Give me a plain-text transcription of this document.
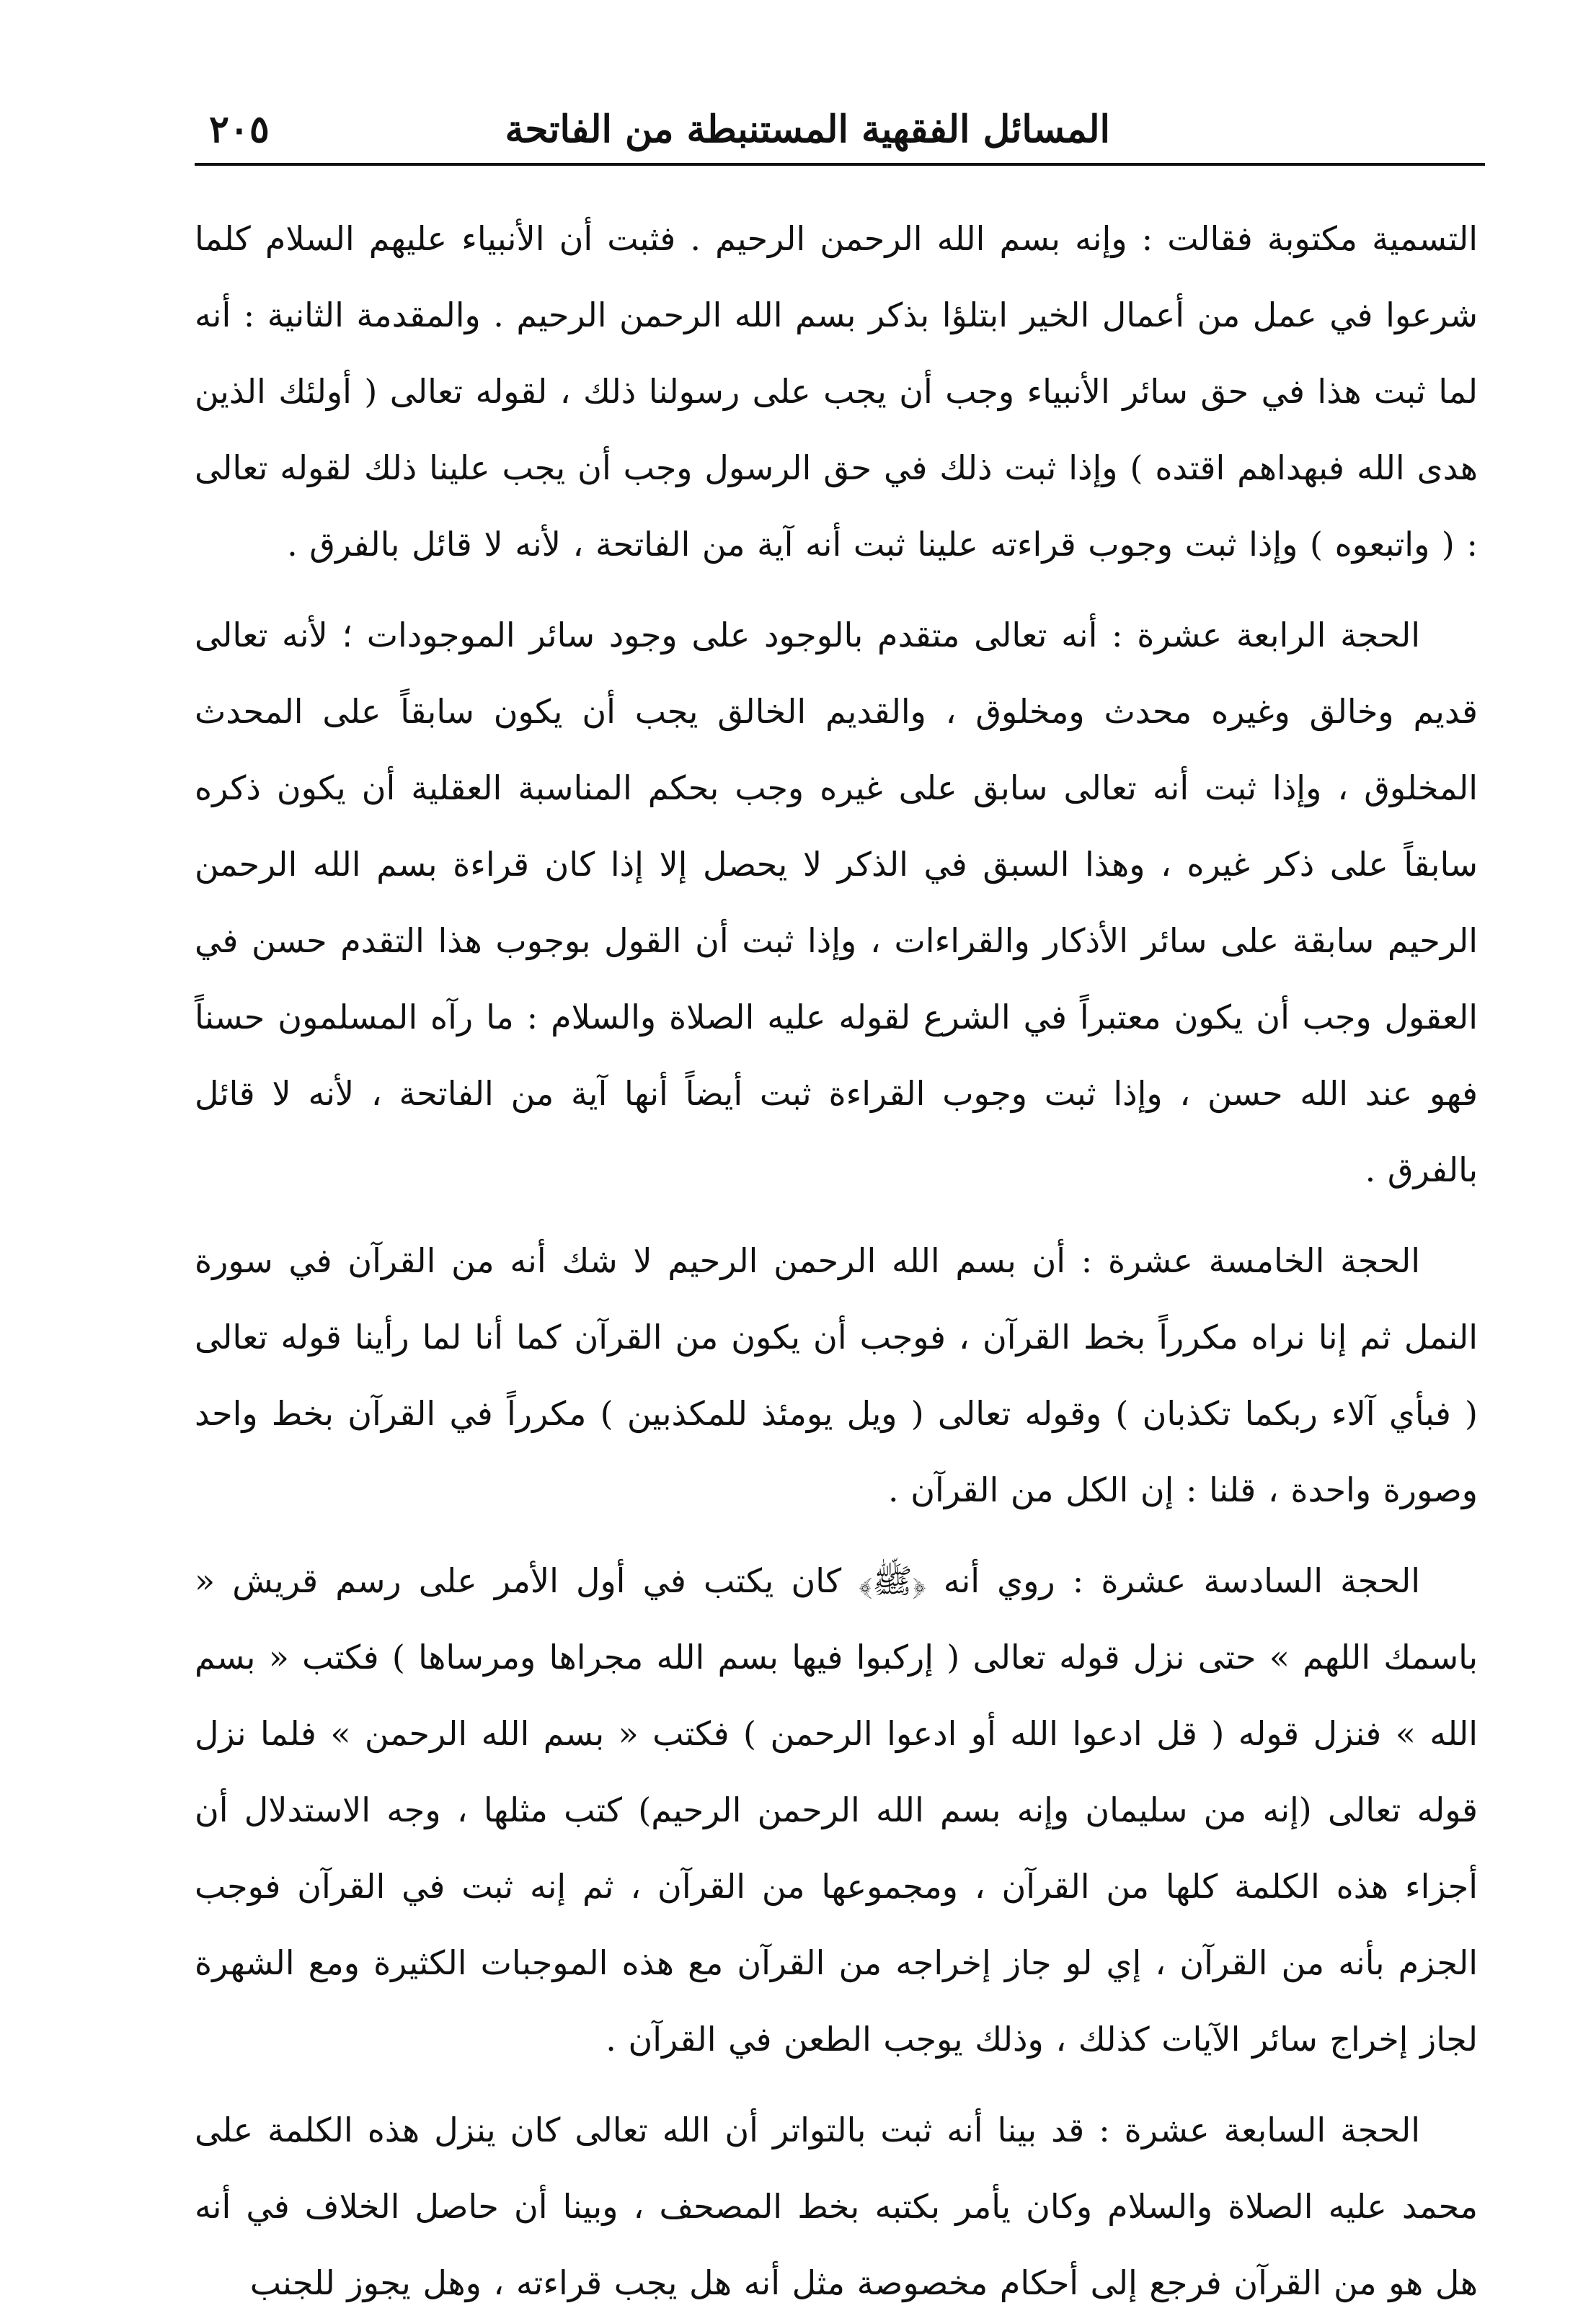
المسائل الفقهية المستنبطة من الفاتحة
٢٠٥

التسمية مكتوبة فقالت : وإنه بسم الله الرحمن الرحيم . فثبت أن الأنبياء عليهم السلام كلما شرعوا في عمل من أعمال الخير ابتلؤا بذكر بسم الله الرحمن الرحيم . والمقدمة الثانية : أنه لما ثبت هذا في حق سائر الأنبياء وجب أن يجب على رسولنا ذلك ، لقوله تعالى ( أولئك الذين هدى الله فبهداهم اقتده ) وإذا ثبت ذلك في حق الرسول وجب أن يجب علينا ذلك لقوله تعالى : ( واتبعوه ) وإذا ثبت وجوب قراءته علينا ثبت أنه آية من الفاتحة ، لأنه لا قائل بالفرق .

الحجة الرابعة عشرة : أنه تعالى متقدم بالوجود على وجود سائر الموجودات ؛ لأنه تعالى قديم وخالق وغيره محدث ومخلوق ، والقديم الخالق يجب أن يكون سابقاً على المحدث المخلوق ، وإذا ثبت أنه تعالى سابق على غيره وجب بحكم المناسبة العقلية أن يكون ذكره سابقاً على ذكر غيره ، وهذا السبق في الذكر لا يحصل إلا إذا كان قراءة بسم الله الرحمن الرحيم سابقة على سائر الأذكار والقراءات ، وإذا ثبت أن القول بوجوب هذا التقدم حسن في العقول وجب أن يكون معتبراً في الشرع لقوله عليه الصلاة والسلام : ما رآه المسلمون حسناً فهو عند الله حسن ، وإذا ثبت وجوب القراءة ثبت أيضاً أنها آية من الفاتحة ، لأنه لا قائل بالفرق .

الحجة الخامسة عشرة : أن بسم الله الرحمن الرحيم لا شك أنه من القرآن في سورة النمل ثم إنا نراه مكرراً بخط القرآن ، فوجب أن يكون من القرآن كما أنا لما رأينا قوله تعالى ( فبأي آلاء ربكما تكذبان ) وقوله تعالى ( ويل يومئذ للمكذبين ) مكرراً في القرآن بخط واحد وصورة واحدة ، قلنا : إن الكل من القرآن .

الحجة السادسة عشرة : روي أنه ﴿ﷺ﴾ كان يكتب في أول الأمر على رسم قريش « باسمك اللهم » حتى نزل قوله تعالى ( إركبوا فيها بسم الله مجراها ومرساها ) فكتب « بسم الله » فنزل قوله ( قل ادعوا الله أو ادعوا الرحمن ) فكتب « بسم الله الرحمن » فلما نزل قوله تعالى (إنه من سليمان وإنه بسم الله الرحمن الرحيم) كتب مثلها ، وجه الاستدلال أن أجزاء هذه الكلمة كلها من القرآن ، ومجموعها من القرآن ، ثم إنه ثبت في القرآن فوجب الجزم بأنه من القرآن ، إي لو جاز إخراجه من القرآن مع هذه الموجبات الكثيرة ومع الشهرة لجاز إخراج سائر الآيات كذلك ، وذلك يوجب الطعن في القرآن .

الحجة السابعة عشرة : قد بينا أنه ثبت بالتواتر أن الله تعالى كان ينزل هذه الكلمة على محمد عليه الصلاة والسلام وكان يأمر بكتبه بخط المصحف ، وبينا أن حاصل الخلاف في أنه هل هو من القرآن فرجع إلى أحكام مخصوصة مثل أنه هل يجب قراءته ، وهل يجوز للجنب
